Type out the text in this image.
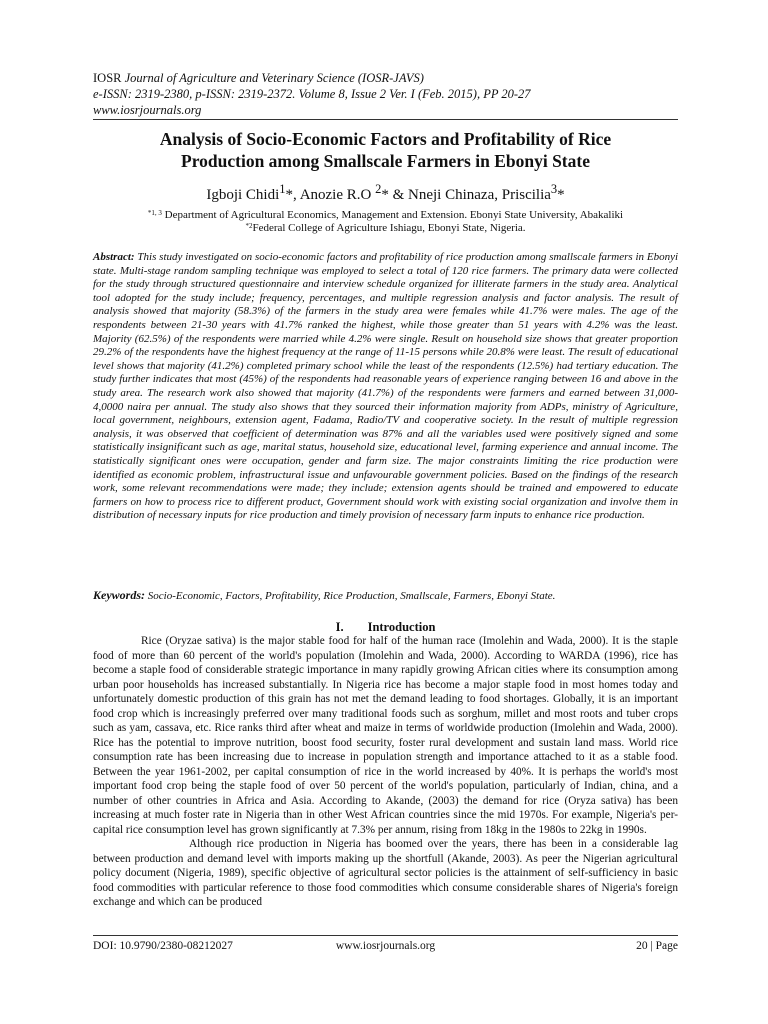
IOSR Journal of Agriculture and Veterinary Science (IOSR-JAVS)
e-ISSN: 2319-2380, p-ISSN: 2319-2372. Volume 8, Issue 2 Ver. I (Feb. 2015), PP 20-27
www.iosrjournals.org
Analysis of Socio-Economic Factors and Profitability of Rice
Production among Smallscale Farmers in Ebonyi State
Igboji Chidi$^1$*, Anozie R.O $^2$* & Nneji Chinaza, Priscilia$^3$*
$^{*1, 3}$ Department of Agricultural Economics, Management and Extension. Ebonyi State University, Abakaliki
$^{*2}$Federal College of Agriculture Ishiagu, Ebonyi State, Nigeria.
Abstract: This study investigated on socio-economic factors and profitability of rice production among smallscale farmers in Ebonyi state. Multi-stage random sampling technique was employed to select a total of 120 rice farmers. The primary data were collected for the study through structured questionnaire and interview schedule organized for illiterate farmers in the study area. Analytical tool adopted for the study include; frequency, percentages, and multiple regression analysis and factor analysis. The result of analysis showed that majority (58.3%) of the farmers in the study area were females while 41.7% were males. The age of the respondents between 21-30 years with 41.7% ranked the highest, while those greater than 51 years with 4.2% was the least. Majority (62.5%) of the respondents were married while 4.2% were single. Result on household size shows that greater proportion 29.2% of the respondents have the highest frequency at the range of 11-15 persons while 20.8% were least. The result of educational level shows that majority (41.2%) completed primary school while the least of the respondents (12.5%) had tertiary education. The study further indicates that most (45%) of the respondents had reasonable years of experience ranging between 16 and above in the study area. The research work also showed that majority (41.7%) of the respondents were farmers and earned between 31,000-4,0000 naira per annual. The study also shows that they sourced their information majority from ADPs, ministry of Agriculture, local government, neighbours, extension agent, Fadama, Radio/TV and cooperative society. In the result of multiple regression analysis, it was observed that coefficient of determination was 87% and all the variables used were positively signed and some statistically insignificant such as age, marital status, household size, educational level, farming experience and annual income. The statistically significant ones were occupation, gender and farm size. The major constraints limiting the rice production were identified as economic problem, infrastructural issue and unfavourable government policies. Based on the findings of the research work, some relevant recommendations were made; they include; extension agents should be trained and empowered to educate farmers on how to process rice to different product, Government should work with existing social organization and involve them in distribution of necessary inputs for rice production and timely provision of necessary farm inputs to enhance rice production.
Keywords: Socio-Economic, Factors, Profitability, Rice Production, Smallscale, Farmers, Ebonyi State.
I. Introduction

Rice (Oryzae sativa) is the major stable food for half of the human race (Imolehin and Wada, 2000). It is the staple food of more than 60 percent of the world's population (Imolehin and Wada, 2000). According to WARDA (1996), rice has become a staple food of considerable strategic importance in many rapidly growing African cities where its consumption among urban poor households has increased substantially. In Nigeria rice has become a major staple food in most homes today and unfortunately domestic production of this grain has not met the demand leading to food shortages. Globally, it is an important food crop which is increasingly preferred over many traditional foods such as sorghum, millet and most roots and tuber crops such as yam, cassava, etc. Rice ranks third after wheat and maize in terms of worldwide production (Imolehin and Wada, 2000). Rice has the potential to improve nutrition, boost food security, foster rural development and sustain land mass. World rice consumption rate has been increasing due to increase in population strength and importance attached to it as a stable food. Between the year 1961-2002, per capital consumption of rice in the world increased by 40%. It is perhaps the world's most important food crop being the staple food of over 50 percent of the world's population, particularly of Indian, china, and a number of other countries in Africa and Asia. According to Akande, (2003) the demand for rice (Oryza sativa) has been increasing at much foster rate in Nigeria than in other West African countries since the mid 1970s. For example, Nigeria's per-capital rice consumption level has grown significantly at 7.3% per annum, rising from 18kg in the 1980s to 22kg in 1990s.

Although rice production in Nigeria has boomed over the years, there has been in a considerable lag between production and demand level with imports making up the shortfull (Akande, 2003). As peer the Nigerian agricultural policy document (Nigeria, 1989), specific objective of agricultural sector policies is the attainment of self-sufficiency in basic food commodities with particular reference to those food commodities which consume considerable shares of Nigeria's foreign exchange and which can be produced

DOI: 10.9790/2380-08212027	www.iosrjournals.org	20 | Page
